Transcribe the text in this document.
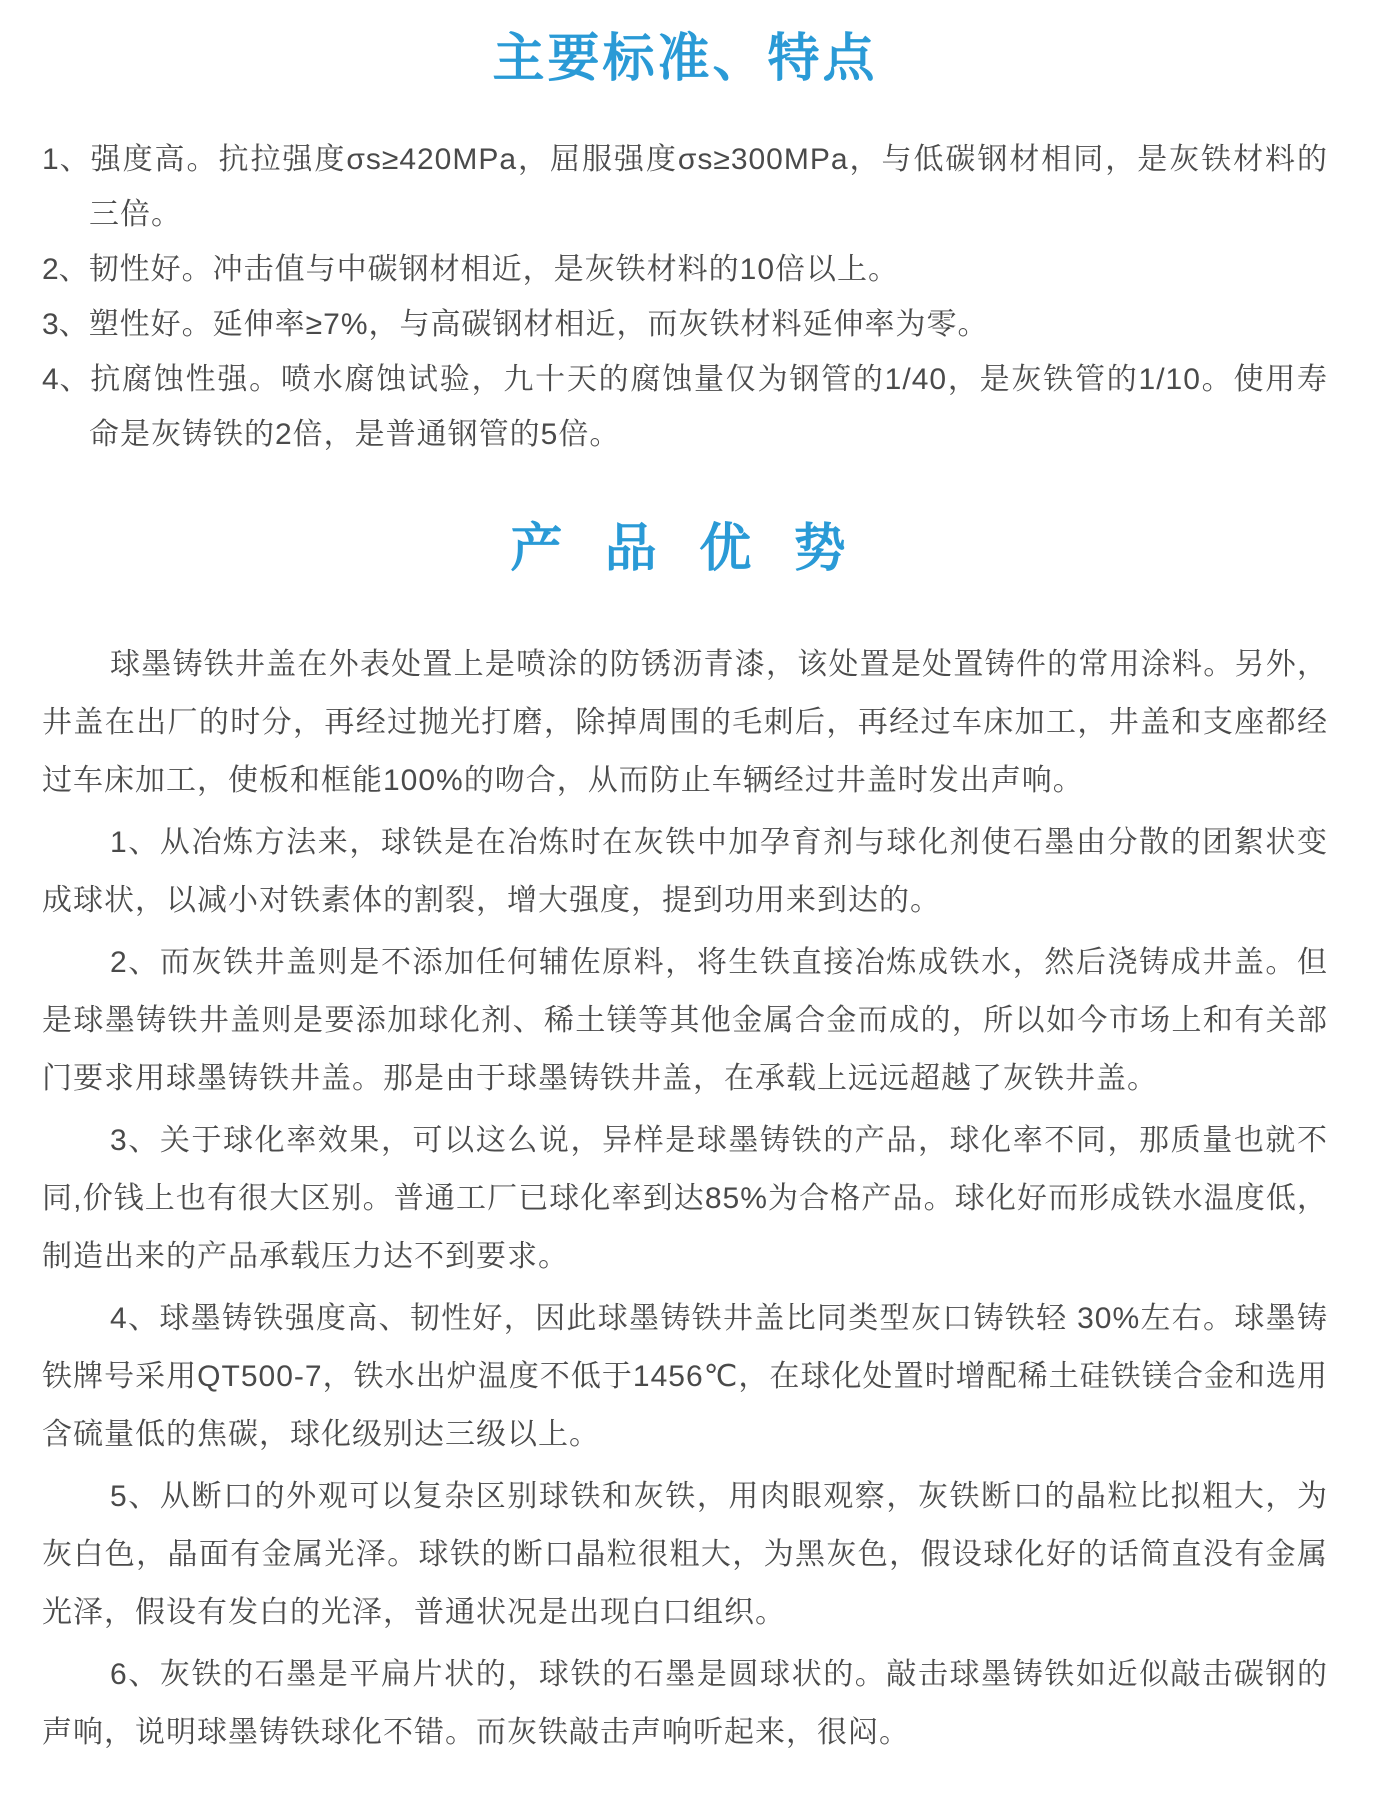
主要标准、特点
1、强度高。抗拉强度σs≥420MPa，屈服强度σs≥300MPa，与低碳钢材相同，是灰铁材料的三倍。
2、韧性好。冲击值与中碳钢材相近，是灰铁材料的10倍以上。
3、塑性好。延伸率≥7%，与高碳钢材相近，而灰铁材料延伸率为零。
4、抗腐蚀性强。喷水腐蚀试验，九十天的腐蚀量仅为钢管的1/40，是灰铁管的1/10。使用寿命是灰铸铁的2倍，是普通钢管的5倍。
产 品 优 势

球墨铸铁井盖在外表处置上是喷涂的防锈沥青漆，该处置是处置铸件的常用涂料。另外，井盖在出厂的时分，再经过抛光打磨，除掉周围的毛刺后，再经过车床加工，井盖和支座都经过车床加工，使板和框能100%的吻合，从而防止车辆经过井盖时发出声响。

1、从冶炼方法来，球铁是在冶炼时在灰铁中加孕育剂与球化剂使石墨由分散的团絮状变成球状，以减小对铁素体的割裂，增大强度，提到功用来到达的。

2、而灰铁井盖则是不添加任何辅佐原料，将生铁直接冶炼成铁水，然后浇铸成井盖。但是球墨铸铁井盖则是要添加球化剂、稀土镁等其他金属合金而成的，所以如今市场上和有关部门要求用球墨铸铁井盖。那是由于球墨铸铁井盖，在承载上远远超越了灰铁井盖。

3、关于球化率效果，可以这么说，异样是球墨铸铁的产品，球化率不同，那质量也就不同,价钱上也有很大区别。普通工厂已球化率到达85%为合格产品。球化好而形成铁水温度低，制造出来的产品承载压力达不到要求。

4、球墨铸铁强度高、韧性好，因此球墨铸铁井盖比同类型灰口铸铁轻 30%左右。球墨铸铁牌号采用QT500-7，铁水出炉温度不低于1456℃，在球化处置时增配稀土硅铁镁合金和选用含硫量低的焦碳，球化级别达三级以上。

5、从断口的外观可以复杂区别球铁和灰铁，用肉眼观察，灰铁断口的晶粒比拟粗大，为灰白色，晶面有金属光泽。球铁的断口晶粒很粗大，为黑灰色，假设球化好的话简直没有金属光泽，假设有发白的光泽，普通状况是出现白口组织。

6、灰铁的石墨是平扁片状的，球铁的石墨是圆球状的。敲击球墨铸铁如近似敲击碳钢的声响，说明球墨铸铁球化不错。而灰铁敲击声响听起来，很闷。
